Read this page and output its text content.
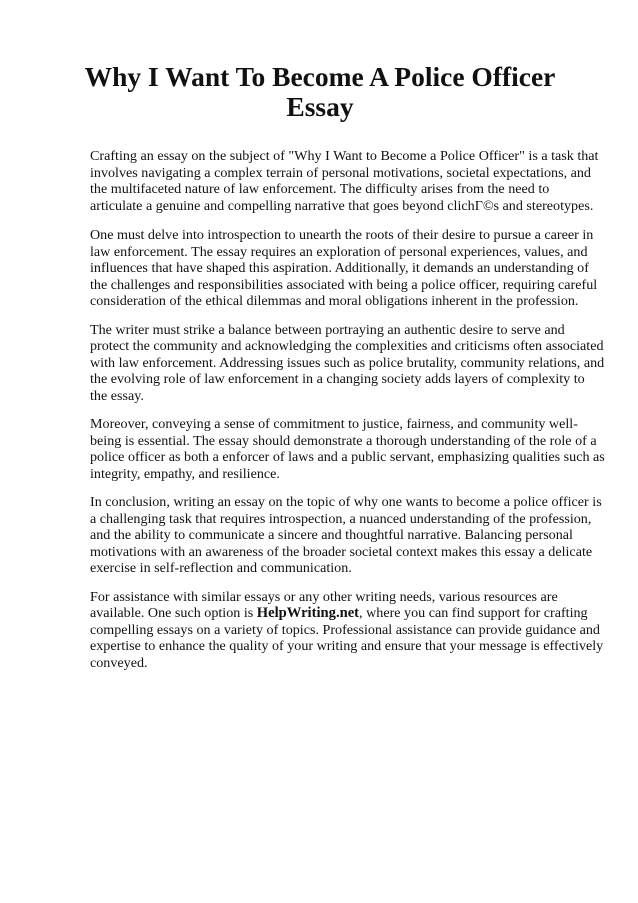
Why I Want To Become A Police Officer Essay

Crafting an essay on the subject of "Why I Want to Become a Police Officer" is a task that involves navigating a complex terrain of personal motivations, societal expectations, and the multifaceted nature of law enforcement. The difficulty arises from the need to articulate a genuine and compelling narrative that goes beyond clichГ©s and stereotypes.

One must delve into introspection to unearth the roots of their desire to pursue a career in law enforcement. The essay requires an exploration of personal experiences, values, and influences that have shaped this aspiration. Additionally, it demands an understanding of the challenges and responsibilities associated with being a police officer, requiring careful consideration of the ethical dilemmas and moral obligations inherent in the profession.

The writer must strike a balance between portraying an authentic desire to serve and protect the community and acknowledging the complexities and criticisms often associated with law enforcement. Addressing issues such as police brutality, community relations, and the evolving role of law enforcement in a changing society adds layers of complexity to the essay.

Moreover, conveying a sense of commitment to justice, fairness, and community well-being is essential. The essay should demonstrate a thorough understanding of the role of a police officer as both a enforcer of laws and a public servant, emphasizing qualities such as integrity, empathy, and resilience.

In conclusion, writing an essay on the topic of why one wants to become a police officer is a challenging task that requires introspection, a nuanced understanding of the profession, and the ability to communicate a sincere and thoughtful narrative. Balancing personal motivations with an awareness of the broader societal context makes this essay a delicate exercise in self-reflection and communication.

For assistance with similar essays or any other writing needs, various resources are available. One such option is HelpWriting.net, where you can find support for crafting compelling essays on a variety of topics. Professional assistance can provide guidance and expertise to enhance the quality of your writing and ensure that your message is effectively conveyed.
